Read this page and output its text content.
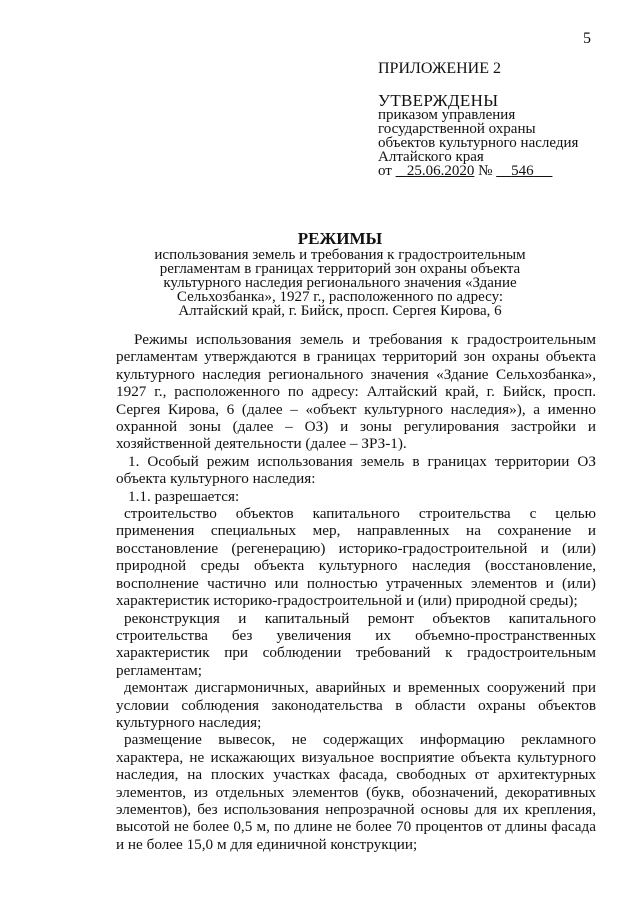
5
ПРИЛОЖЕНИЕ 2
УТВЕРЖДЕНЫ
приказом управления
государственной охраны
объектов культурного наследия
Алтайского края
от 25.06.2020 № 546
РЕЖИМЫ
использования земель и требования к градостроительным
регламентам в границах территорий зон охраны объекта
культурного наследия регионального значения «Здание
Сельхозбанка», 1927 г., расположенного по адресу:
Алтайский край, г. Бийск, просп. Сергея Кирова, 6

Режимы использования земель и требования к градостроительным регламентам утверждаются в границах территорий зон охраны объекта культурного наследия регионального значения «Здание Сельхозбанка», 1927 г., расположенного по адресу: Алтайский край, г. Бийск, просп. Сергея Кирова, 6 (далее – «объект культурного наследия»), а именно охранной зоны (далее – ОЗ) и зоны регулирования застройки и хозяйственной деятельности (далее – ЗРЗ-1).

1. Особый режим использования земель в границах территории ОЗ объекта культурного наследия:

1.1. разрешается:

строительство объектов капитального строительства с целью применения специальных мер, направленных на сохранение и восстановление (регенерацию) историко-градостроительной и (или) природной среды объекта культурного наследия (восстановление, восполнение частично или полностью утраченных элементов и (или) характеристик историко-градостроительной и (или) природной среды);

реконструкция и капитальный ремонт объектов капитального строительства без увеличения их объемно-пространственных характеристик при соблюдении требований к градостроительным регламентам;

демонтаж дисгармоничных, аварийных и временных сооружений при условии соблюдения законодательства в области охраны объектов культурного наследия;

размещение вывесок, не содержащих информацию рекламного характера, не искажающих визуальное восприятие объекта культурного наследия, на плоских участках фасада, свободных от архитектурных элементов, из отдельных элементов (букв, обозначений, декоративных элементов), без использования непрозрачной основы для их крепления, высотой не более 0,5 м, по длине не более 70 процентов от длины фасада и не более 15,0 м для единичной конструкции;
